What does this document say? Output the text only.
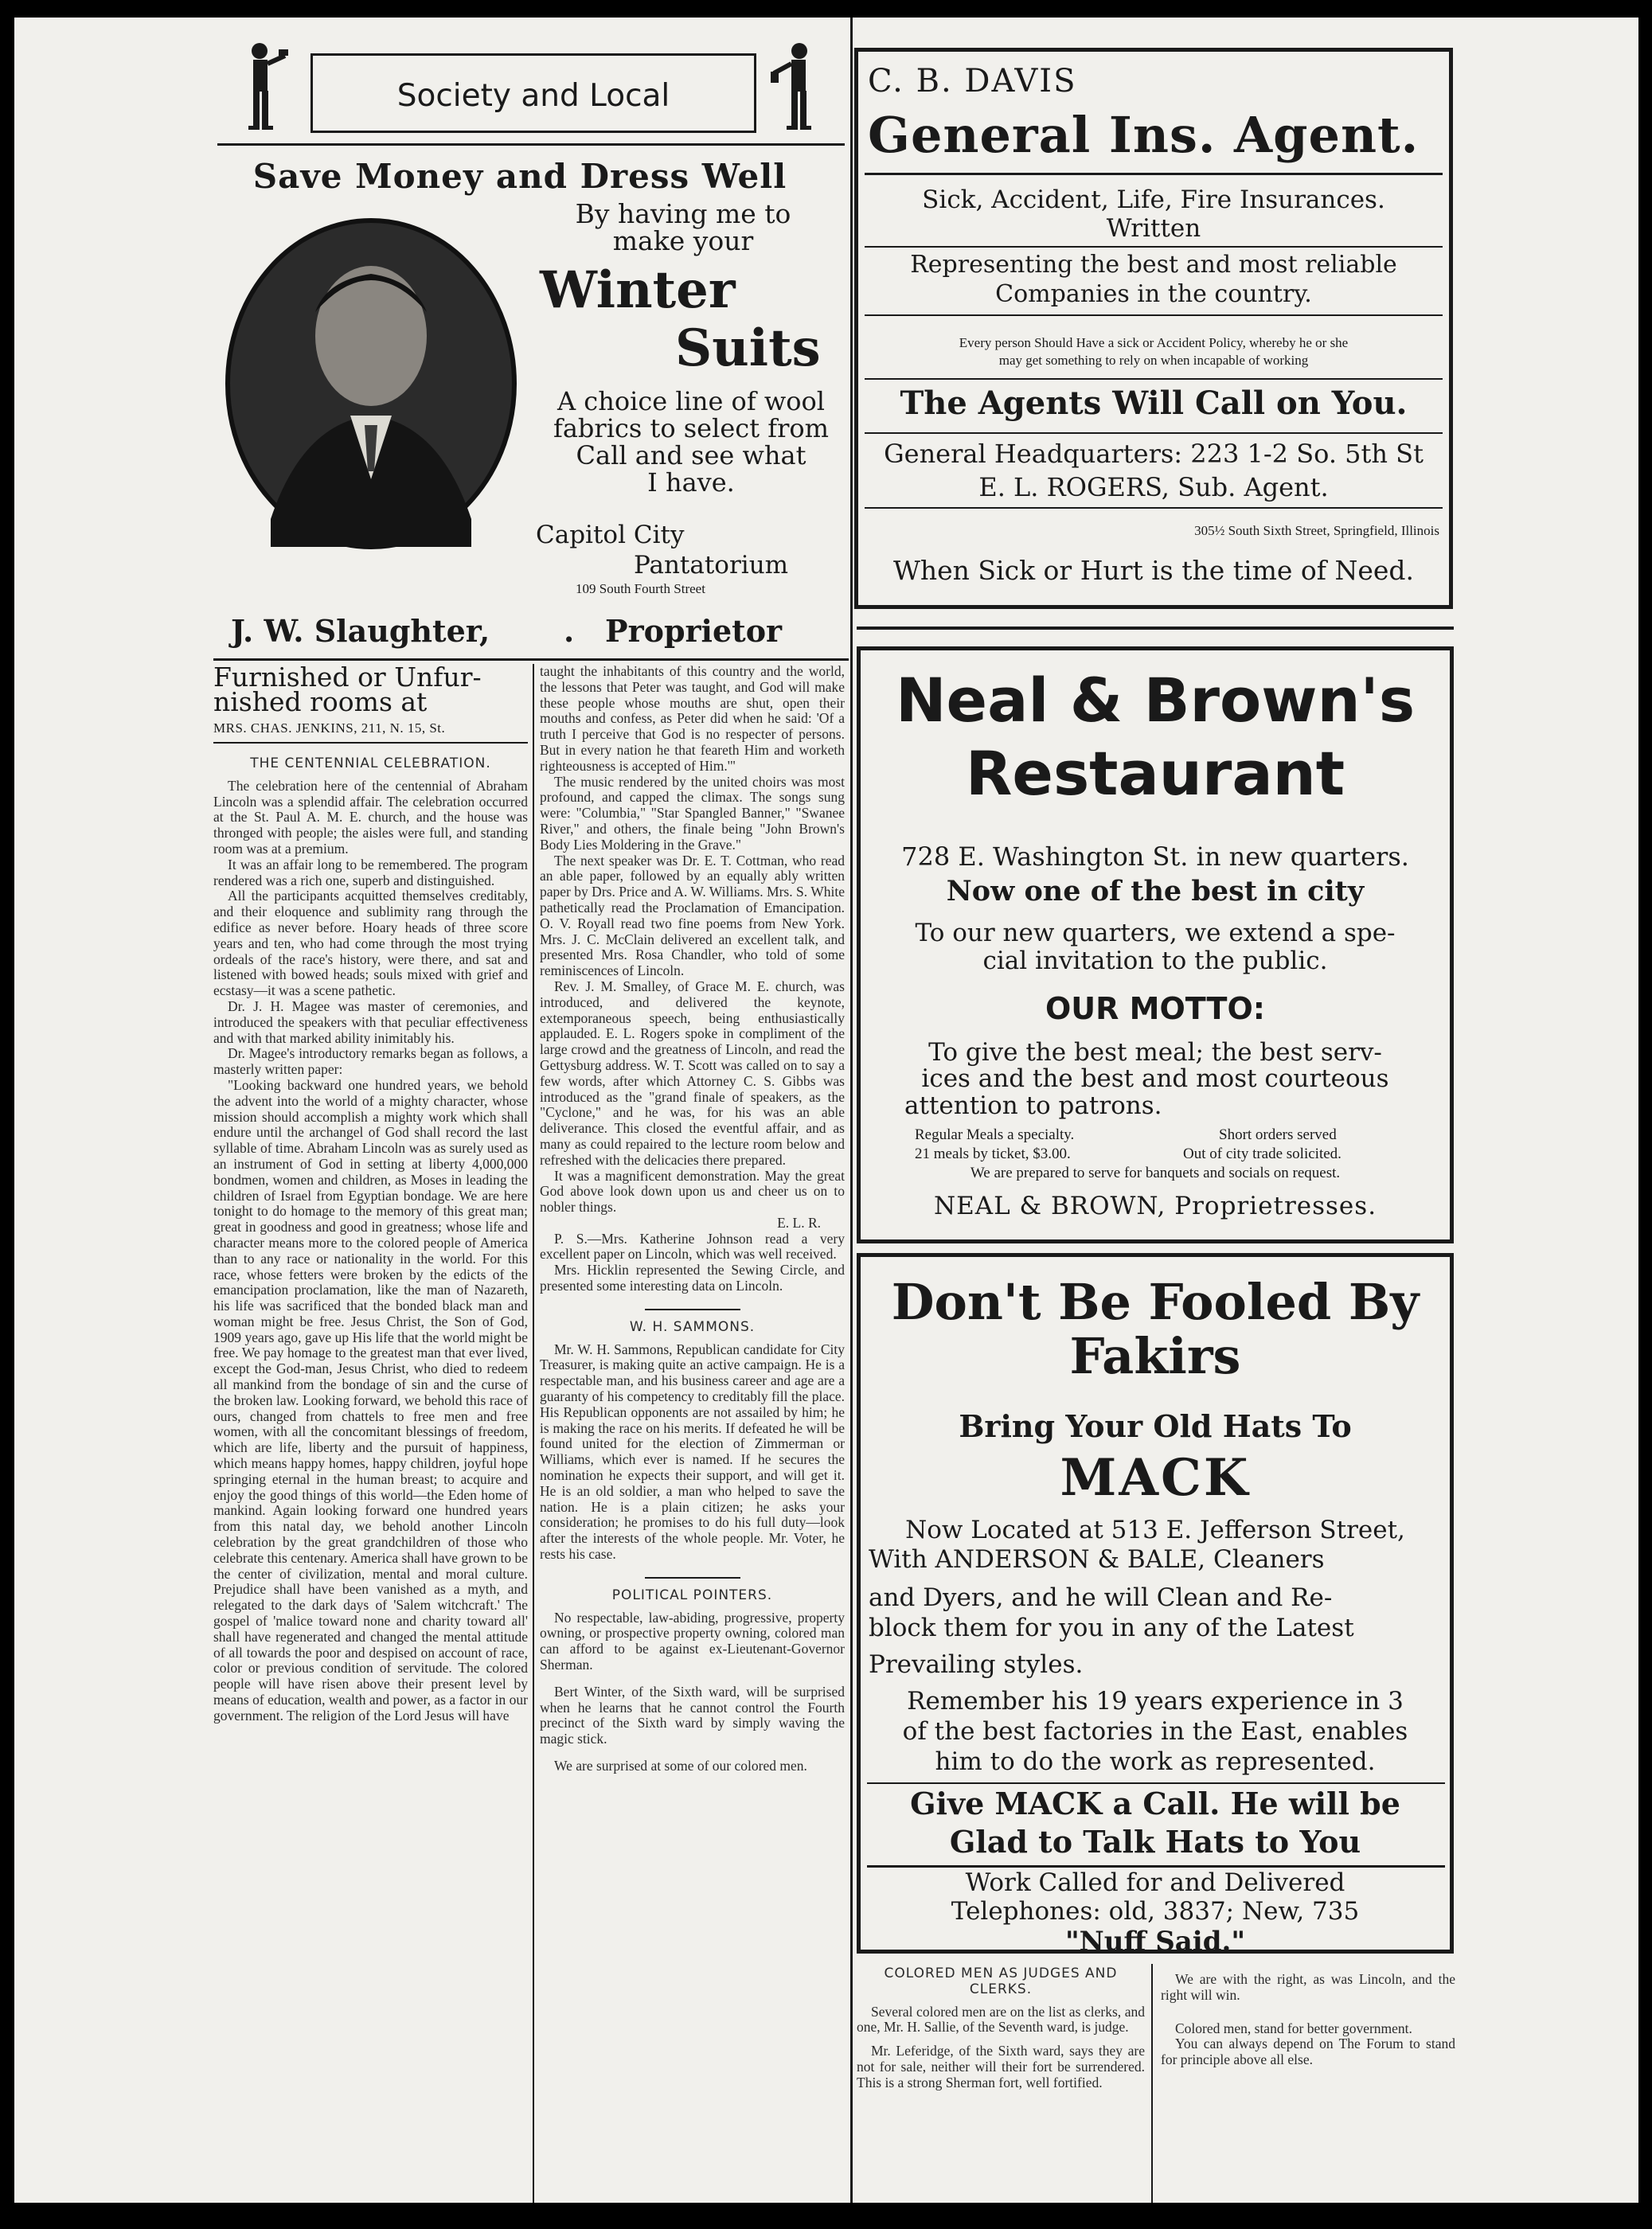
Society and Local
Save Money and Dress Well
By having me to
make your
Winter
Suits
A choice line of wool
fabrics to select from
Call and see what
I have.
Capitol City
Pantatorium
109 South Fourth Street
J. W. Slaughter, . Proprietor
Furnished or Unfur-
nished rooms at
MRS. CHAS. JENKINS, 211, N. 15, St.
THE CENTENNIAL CELEBRATION.

The celebration here of the centennial of Abraham Lincoln was a splendid affair. The celebration occurred at the St. Paul A. M. E. church, and the house was thronged with people; the aisles were full, and standing room was at a premium.

It was an affair long to be remembered. The program rendered was a rich one, superb and distinguished.

All the participants acquitted themselves creditably, and their eloquence and sublimity rang through the edifice as never before. Hoary heads of three score years and ten, who had come through the most trying ordeals of the race's history, were there, and sat and listened with bowed heads; souls mixed with grief and ecstasy—it was a scene pathetic.

Dr. J. H. Magee was master of ceremonies, and introduced the speakers with that peculiar effectiveness and with that marked ability inimitably his.

Dr. Magee's introductory remarks began as follows, a masterly written paper:

"Looking backward one hundred years, we behold the advent into the world of a mighty character, whose mission should accomplish a mighty work which shall endure until the archangel of God shall record the last syllable of time. Abraham Lincoln was as surely used as an instrument of God in setting at liberty 4,000,000 bondmen, women and children, as Moses in leading the children of Israel from Egyptian bondage. We are here tonight to do homage to the memory of this great man; great in goodness and good in greatness; whose life and character means more to the colored people of America than to any race or nationality in the world. For this race, whose fetters were broken by the edicts of the emancipation proclamation, like the man of Nazareth, his life was sacrificed that the bonded black man and woman might be free. Jesus Christ, the Son of God, 1909 years ago, gave up His life that the world might be free. We pay homage to the greatest man that ever lived, except the God-man, Jesus Christ, who died to redeem all mankind from the bondage of sin and the curse of the broken law. Looking forward, we behold this race of ours, changed from chattels to free men and free women, with all the concomitant blessings of freedom, which are life, liberty and the pursuit of happiness, which means happy homes, happy children, joyful hope springing eternal in the human breast; to acquire and enjoy the good things of this world—the Eden home of mankind. Again looking forward one hundred years from this natal day, we behold another Lincoln celebration by the great grandchildren of those who celebrate this centenary. America shall have grown to be the center of civilization, mental and moral culture. Prejudice shall have been vanished as a myth, and relegated to the dark days of 'Salem witchcraft.' The gospel of 'malice toward none and charity toward all' shall have regenerated and changed the mental attitude of all towards the poor and despised on account of race, color or previous condition of servitude. The colored people will have risen above their present level by means of education, wealth and power, as a factor in our government. The religion of the Lord Jesus will have

taught the inhabitants of this country and the world, the lessons that Peter was taught, and God will make these people whose mouths are shut, open their mouths and confess, as Peter did when he said: 'Of a truth I perceive that God is no respecter of persons. But in every nation he that feareth Him and worketh righteousness is accepted of Him.'"

The music rendered by the united choirs was most profound, and capped the climax. The songs sung were: "Columbia," "Star Spangled Banner," "Swanee River," and others, the finale being "John Brown's Body Lies Moldering in the Grave."

The next speaker was Dr. E. T. Cottman, who read an able paper, followed by an equally ably written paper by Drs. Price and A. W. Williams. Mrs. S. White pathetically read the Proclamation of Emancipation. O. V. Royall read two fine poems from New York. Mrs. J. C. McClain delivered an excellent talk, and presented Mrs. Rosa Chandler, who told of some reminiscences of Lincoln.

Rev. J. M. Smalley, of Grace M. E. church, was introduced, and delivered the keynote, extemporaneous speech, being enthusiastically applauded. E. L. Rogers spoke in compliment of the large crowd and the greatness of Lincoln, and read the Gettysburg address. W. T. Scott was called on to say a few words, after which Attorney C. S. Gibbs was introduced as the "grand finale of speakers, as the "Cyclone," and he was, for his was an able deliverance. This closed the eventful affair, and as many as could repaired to the lecture room below and refreshed with the delicacies there prepared.

It was a magnificent demonstration. May the great God above look down upon us and cheer us on to nobler things.

E. L. R.

P. S.—Mrs. Katherine Johnson read a very excellent paper on Lincoln, which was well received.

Mrs. Hicklin represented the Sewing Circle, and presented some interesting data on Lincoln.

W. H. SAMMONS.

Mr. W. H. Sammons, Republican candidate for City Treasurer, is making quite an active campaign. He is a respectable man, and his business career and age are a guaranty of his competency to creditably fill the place. His Republican opponents are not assailed by him; he is making the race on his merits. If defeated he will be found united for the election of Zimmerman or Williams, which ever is named. If he secures the nomination he expects their support, and will get it. He is an old soldier, a man who helped to save the nation. He is a plain citizen; he asks your consideration; he promises to do his full duty—look after the interests of the whole people. Mr. Voter, he rests his case.

POLITICAL POINTERS.

No respectable, law-abiding, progressive, property owning, or prospective property owning, colored man can afford to be against ex-Lieutenant-Governor Sherman.

Bert Winter, of the Sixth ward, will be surprised when he learns that he cannot control the Fourth precinct of the Sixth ward by simply waving the magic stick.

We are surprised at some of our colored men.

C. B. DAVIS
General Ins. Agent.
Sick, Accident, Life, Fire Insurances.
Written
Representing the best and most reliable
Companies in the country.
Every person Should Have a sick or Accident Policy, whereby he or she
may get something to rely on when incapable of working
The Agents Will Call on You.
General Headquarters: 223 1-2 So. 5th St
E. L. ROGERS, Sub. Agent.
305½ South Sixth Street, Springfield, Illinois
When Sick or Hurt is the time of Need.
Neal & Brown's
Restaurant
728 E. Washington St. in new quarters.
Now one of the best in city
To our new quarters, we extend a spe-
cial invitation to the public.
OUR MOTTO:
To give the best meal; the best serv-
ices and the best and most courteous
attention to patrons.
Regular Meals a specialty.	Short orders served
21 meals by ticket, $3.00.	Out of city trade solicited.
We are prepared to serve for banquets and socials on request.
NEAL & BROWN, Proprietresses.
Don't Be Fooled By
Fakirs
Bring Your Old Hats To
MACK
Now Located at 513 E. Jefferson Street,
With ANDERSON & BALE, Cleaners
and Dyers, and he will Clean and Re-
block them for you in any of the Latest
Prevailing styles.
Remember his 19 years experience in 3
of the best factories in the East, enables
him to do the work as represented.
Give MACK a Call. He will be
Glad to Talk Hats to You
Work Called for and Delivered
Telephones: old, 3837; New, 735
"Nuff Said."
COLORED MEN AS JUDGES AND CLERKS.

Several colored men are on the list as clerks, and one, Mr. H. Sallie, of the Seventh ward, is judge.

Mr. Leferidge, of the Sixth ward, says they are not for sale, neither will their fort be surrendered. This is a strong Sherman fort, well fortified.

We are with the right, as was Lincoln, and the right will win.

Colored men, stand for better government.

You can always depend on The Forum to stand for principle above all else.
